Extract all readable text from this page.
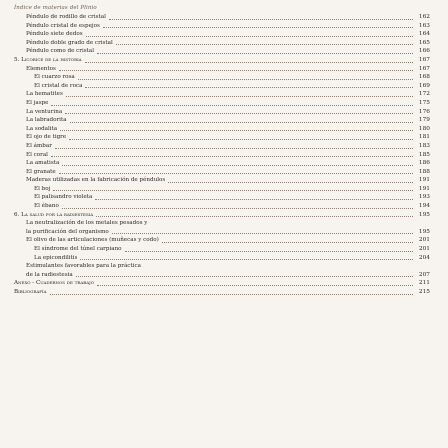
Índice de materias del Plinio
Péndulo de rodillo de cristal	162
Péndulo cristal de espejos	163
Péndulo siete dedos	164
Péndulo doble grado de cristal	165
Péndulo como de cristal	166
5. Licorice de la historia	167
Elementos	167
El cuarzo rosa	168
El cristal de roca	169
La hematites	172
El jaspe	175
La venturina	176
La labradorita	179
La sodalita	180
El ojo de tigre	181
El ámbar	183
El coral	185
La amatista	186
El granate	188
Maderas utilizadas en la fabricación de péndulos	191
El boj	191
El palisandro violeta	193
El ébano	194
6. La salud por la radiestesia	195
La neutralización de los metales pesados y
la purificación del organismo	195
El olivo de las articulaciones (muñecas y codo)	201
El síndrome del túnel carpiano	201
La epicondilitis	204
Estimulantes favorables para la práctica
de la radiestesia	207
Anexo - Cuadernos de trabajo	211
Bibliografía	215
